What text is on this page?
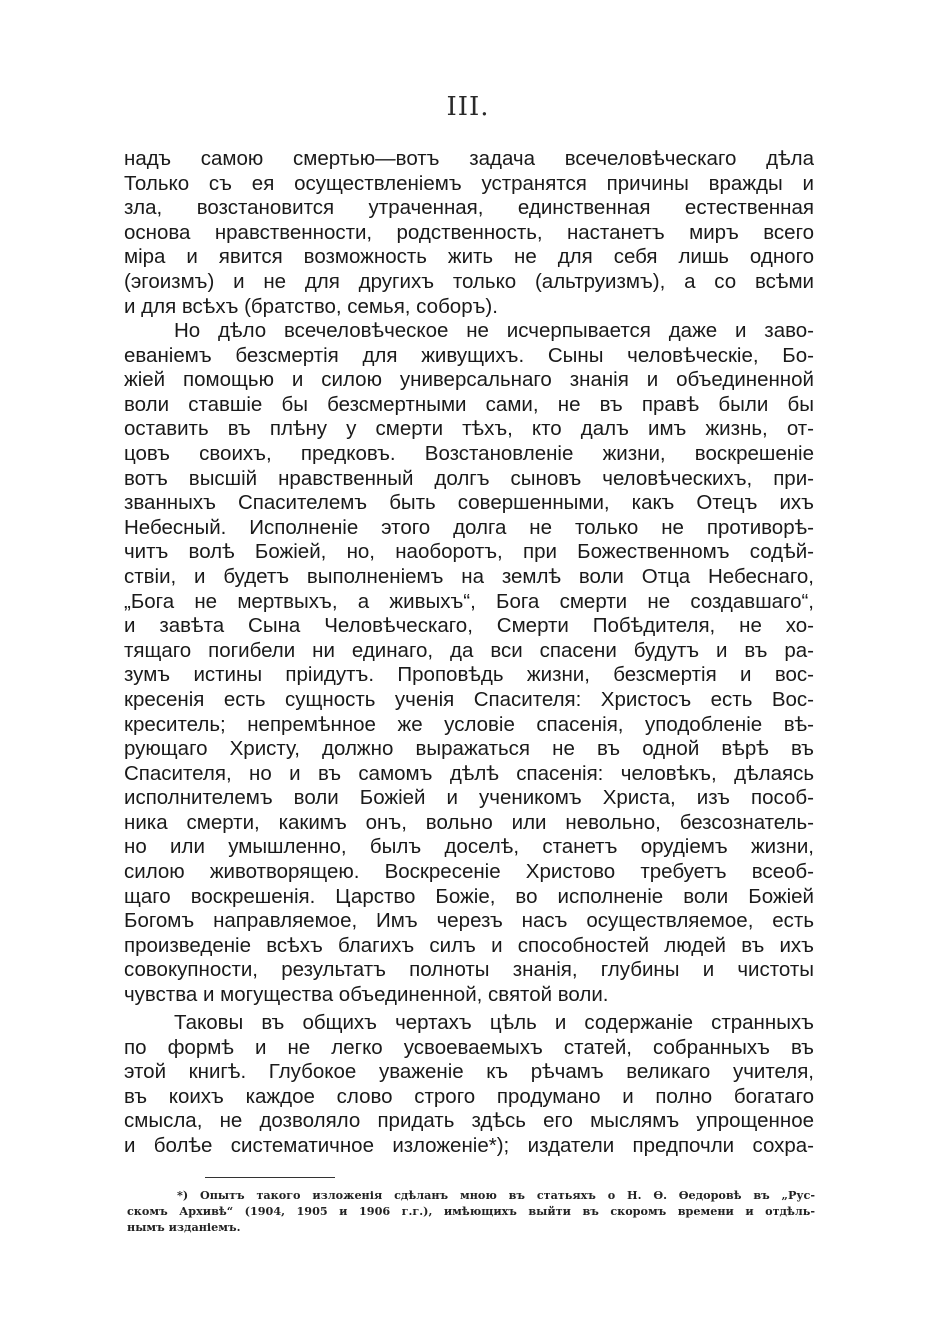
III.
надъ самою смертью—вотъ задача всечеловѣческаго дѣла
Только съ ея осуществленіемъ устранятся причины вражды и
зла, возстановится утраченная, единственная естественная
основа нравственности, родственность, настанетъ миръ всего
міра и явится возможность жить не для себя лишь одного
(эгоизмъ) и не для другихъ только (альтруизмъ), а со всѣми
и для всѣхъ (братство, семья, соборъ).
Но дѣло всечеловѣческое не исчерпывается даже и заво-
еваніемъ безсмертія для живущихъ. Сыны человѣческіе, Бо-
жіей помощью и силою универсальнаго знанія и объединенной
воли ставшіе бы безсмертными сами, не въ правѣ были бы
оставить въ плѣну у смерти тѣхъ, кто далъ имъ жизнь, от-
цовъ своихъ, предковъ. Возстановленіе жизни, воскрешеніе
вотъ высшій нравственный долгъ сыновъ человѣческихъ, при-
званныхъ Спасителемъ быть совершенными, какъ Отецъ ихъ
Небесный. Исполненіе этого долга не только не противорѣ-
читъ волѣ Божіей, но, наоборотъ, при Божественномъ содѣй-
ствіи, и будетъ выполненіемъ на землѣ воли Отца Небеснаго,
„Бога не мертвыхъ, а живыхъ“, Бога смерти не создавшаго“,
и завѣта Сына Человѣческаго, Смерти Побѣдителя, не хо-
тящаго погибели ни единаго, да вси спасени будутъ и въ ра-
зумъ истины пріидутъ. Проповѣдь жизни, безсмертія и вос-
кресенія есть сущность ученія Спасителя: Христосъ есть Вос-
креситель; непремѣнное же условіе спасенія, уподобленіе вѣ-
рующаго Христу, должно выражаться не въ одной вѣрѣ въ
Спасителя, но и въ самомъ дѣлѣ спасенія: человѣкъ, дѣлаясь
исполнителемъ воли Божіей и ученикомъ Христа, изъ пособ-
ника смерти, какимъ онъ, вольно или невольно, безсознатель-
но или умышленно, былъ доселѣ, станетъ орудіемъ жизни,
силою животворящею. Воскресеніе Христово требуетъ всеоб-
щаго воскрешенія. Царство Божіе, во исполненіе воли Божіей
Богомъ направляемое, Имъ черезъ насъ осуществляемое, есть
произведеніе всѣхъ благихъ силъ и способностей людей въ ихъ
совокупности, результатъ полноты знанія, глубины и чистоты
чувства и могущества объединенной, святой воли.
Таковы въ общихъ чертахъ цѣль и содержаніе странныхъ
по формѣ и не легко усвоеваемыхъ статей, собранныхъ въ
этой книгѣ. Глубокое уваженіе къ рѣчамъ великаго учителя,
въ коихъ каждое слово строго продумано и полно богатаго
смысла, не дозволяло придать здѣсь его мыслямъ упрощенное
и болѣе систематичное изложеніе*); издатели предпочли сохра-
*) Опытъ такого изложенія сдѣланъ мною въ статьяхъ о Н. Ѳ. Ѳедоровѣ въ „Рус-
скомъ Архивѣ“ (1904, 1905 и 1906 г.г.), имѣющихъ выйти въ скоромъ времени и отдѣль-
нымъ изданіемъ.
